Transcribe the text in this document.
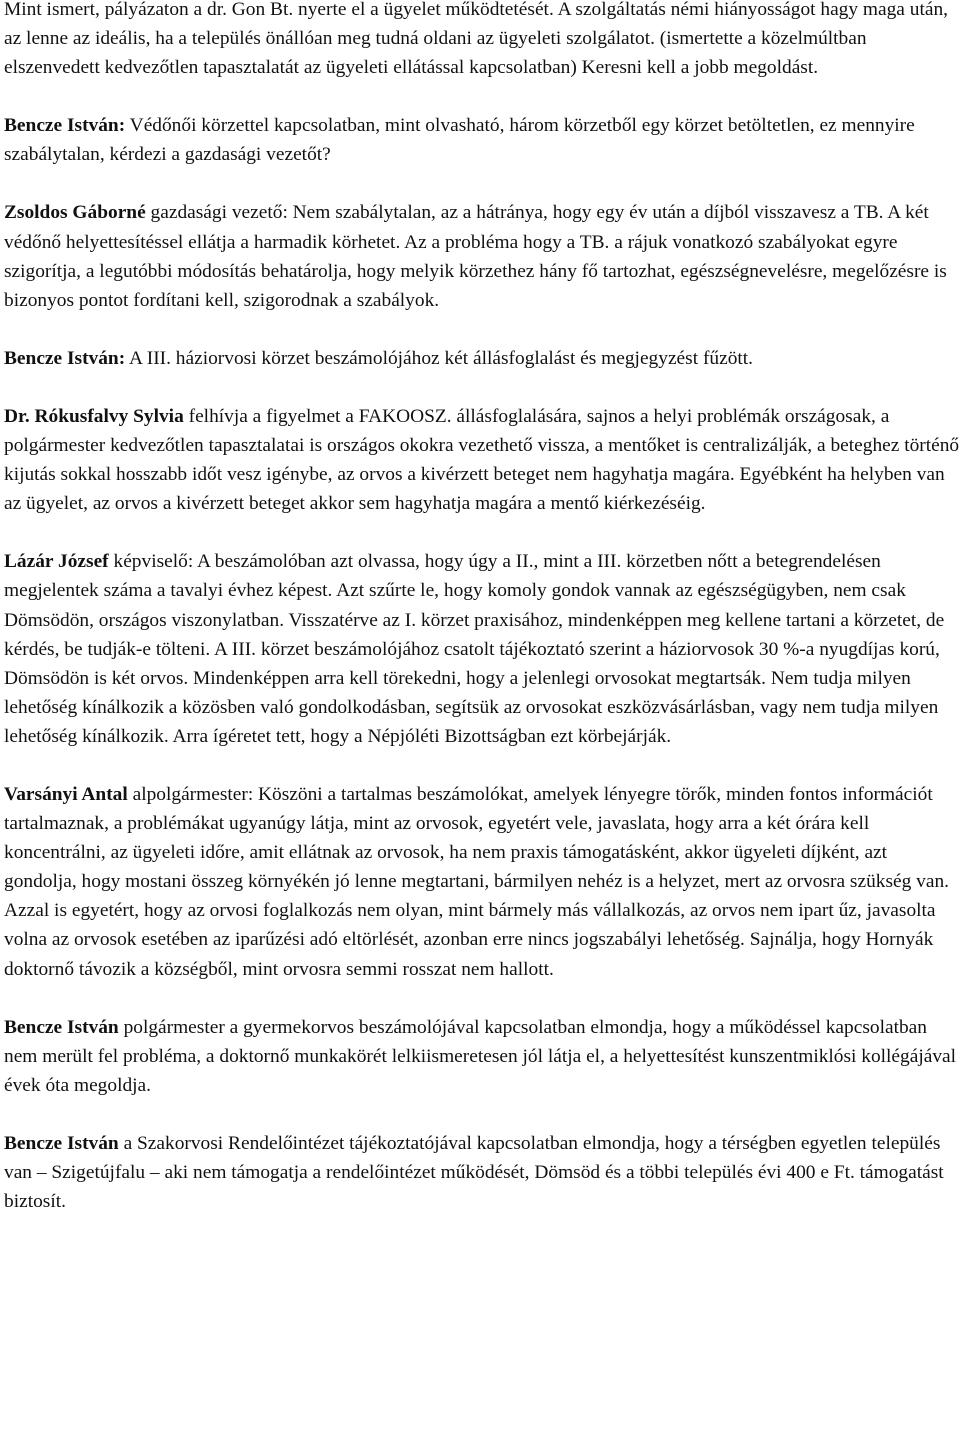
Mint ismert, pályázaton a dr. Gon Bt. nyerte el a ügyelet működtetését. A szolgáltatás némi hiányosságot hagy maga után, az lenne az ideális, ha a település önállóan meg tudná oldani az ügyeleti szolgálatot. (ismertette a közelmúltban elszenvedett kedvezőtlen tapasztalatát az ügyeleti ellátással kapcsolatban) Keresni kell a jobb megoldást.

Bencze István: Védőnői körzettel kapcsolatban, mint olvasható, három körzetből egy körzet betöltetlen, ez mennyire szabálytalan, kérdezi a gazdasági vezetőt?

Zsoldos Gáborné gazdasági vezető: Nem szabálytalan, az a hátránya, hogy egy év után a díjból visszavesz a TB. A két védőnő helyettesítéssel ellátja a harmadik körhetet. Az a probléma hogy a TB. a rájuk vonatkozó szabályokat egyre szigorítja, a legutóbbi módosítás behatárolja, hogy melyik körzethez hány fő tartozhat, egészségnevelésre, megelőzésre is bizonyos pontot fordítani kell, szigorodnak a szabályok.

Bencze István: A III. háziorvosi körzet beszámolójához két állásfoglalást és megjegyzést fűzött.

Dr. Rókusfalvy Sylvia felhívja a figyelmet a FAKOOSZ. állásfoglalására, sajnos a helyi problémák országosak, a polgármester kedvezőtlen tapasztalatai is országos okokra vezethető vissza, a mentőket is centralizálják, a beteghez történő kijutás sokkal hosszabb időt vesz igénybe, az orvos a kivérzett beteget nem hagyhatja magára. Egyébként ha helyben van az ügyelet, az orvos a kivérzett beteget akkor sem hagyhatja magára a mentő kiérkezéséig.

Lázár József képviselő: A beszámolóban azt olvassa, hogy úgy a II., mint a III. körzetben nőtt a betegrendelésen megjelentek száma a tavalyi évhez képest. Azt szűrte le, hogy komoly gondok vannak az egészségügyben, nem csak Dömsödön, országos viszonylatban. Visszatérve az I. körzet praxisához, mindenképpen meg kellene tartani a körzetet, de kérdés, be tudják-e tölteni. A III. körzet beszámolójához csatolt tájékoztató szerint a háziorvosok 30 %-a nyugdíjas korú, Dömsödön is két orvos. Mindenképpen arra kell törekedni, hogy a jelenlegi orvosokat megtartsák. Nem tudja milyen lehetőség kínálkozik a közösben való gondolkodásban, segítsük az orvosokat eszközvásárlásban, vagy nem tudja milyen lehetőség kínálkozik. Arra ígéretet tett, hogy a Népjóléti Bizottságban ezt körbejárják.

Varsányi Antal alpolgármester: Köszöni a tartalmas beszámolókat, amelyek lényegre törők, minden fontos információt tartalmaznak, a problémákat ugyanúgy látja, mint az orvosok, egyetért vele, javaslata, hogy arra a két órára kell koncentrálni, az ügyeleti időre, amit ellátnak az orvosok, ha nem praxis támogatásként, akkor ügyeleti díjként, azt gondolja, hogy mostani összeg környékén jó lenne megtartani, bármilyen nehéz is a helyzet, mert az orvosra szükség van. Azzal is egyetért, hogy az orvosi foglalkozás nem olyan, mint bármely más vállalkozás, az orvos nem ipart űz, javasolta volna az orvosok esetében az iparűzési adó eltörlését, azonban erre nincs jogszabályi lehetőség. Sajnálja, hogy Hornyák doktornő távozik a községből, mint orvosra semmi rosszat nem hallott.

Bencze István polgármester a gyermekorvos beszámolójával kapcsolatban elmondja, hogy a működéssel kapcsolatban nem merült fel probléma, a doktornő munkakörét lelkiismeretesen jól látja el, a helyettesítést kunszentmiklósi kollégájával évek óta megoldja.

Bencze István a Szakorvosi Rendelőintézet tájékoztatójával kapcsolatban elmondja, hogy a térségben egyetlen település van – Szigetújfalu – aki nem támogatja a rendelőintézet működését, Dömsöd és a többi település évi 400 e Ft. támogatást biztosít.
